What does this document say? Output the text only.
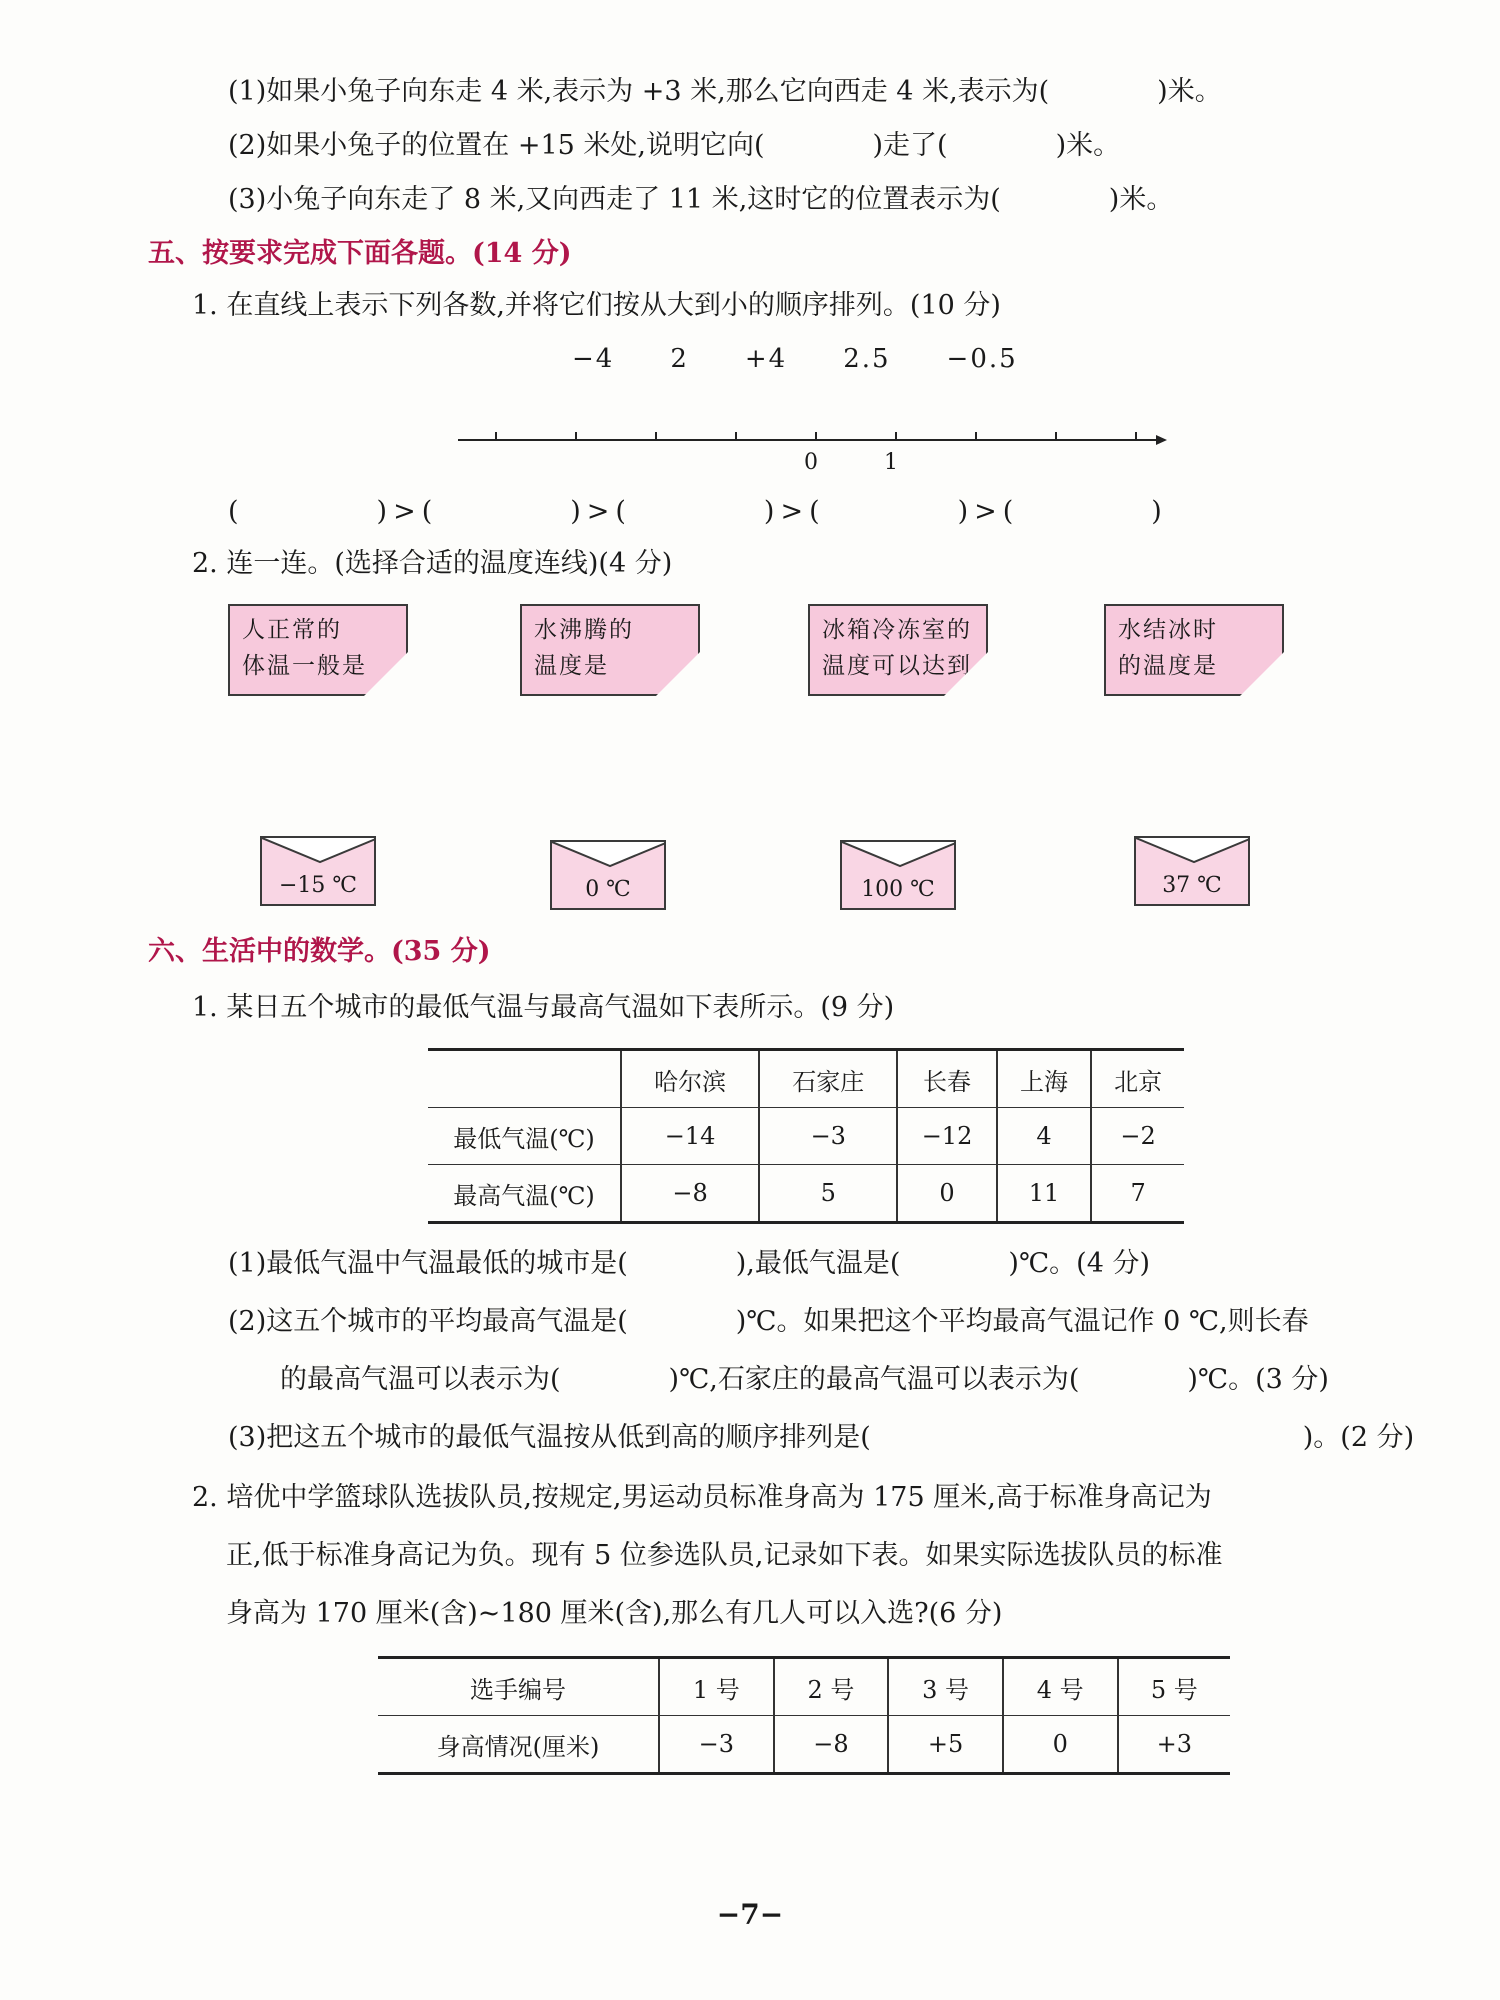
(1)如果小兔子向东走 4 米,表示为 +3 米,那么它向西走 4 米,表示为(　　　　)米。
(2)如果小兔子的位置在 +15 米处,说明它向(　　　　)走了(　　　　)米。
(3)小兔子向东走了 8 米,又向西走了 11 米,这时它的位置表示为(　　　　)米。
五、按要求完成下面各题。(14 分)
1. 在直线上表示下列各数,并将它们按从大到小的顺序排列。(10 分)
−4　　2　　+4　　2.5　　−0.5
0	1
(　　　　)>(　　　　)>(　　　　)>(　　　　)>(　　　　)
2. 连一连。(选择合适的温度连线)(4 分)
人正常的
体温一般是
水沸腾的
温度是
冰箱冷冻室的
温度可以达到
水结冰时
的温度是
−15 ℃	0 ℃	100 ℃	37 ℃
六、生活中的数学。(35 分)
1. 某日五个城市的最低气温与最高气温如下表所示。(9 分)
	哈尔滨	石家庄	长春	上海	北京
最低气温(℃)	−14	−3	−12	4	−2
最高气温(℃)	−8	5	0	11	7
(1)最低气温中气温最低的城市是(　　　　),最低气温是(　　　　)℃。(4 分)
(2)这五个城市的平均最高气温是(　　　　)℃。如果把这个平均最高气温记作 0 ℃,则长春
的最高气温可以表示为(　　　　)℃,石家庄的最高气温可以表示为(　　　　)℃。(3 分)
(3)把这五个城市的最低气温按从低到高的顺序排列是(　　　　　　　　　　　　　　　　)。(2 分)
2. 培优中学篮球队选拔队员,按规定,男运动员标准身高为 175 厘米,高于标准身高记为
正,低于标准身高记为负。现有 5 位参选队员,记录如下表。如果实际选拔队员的标准
身高为 170 厘米(含)~180 厘米(含),那么有几人可以入选?(6 分)
选手编号	1 号	2 号	3 号	4 号	5 号
身高情况(厘米)	−3	−8	+5	0	+3
−7−
